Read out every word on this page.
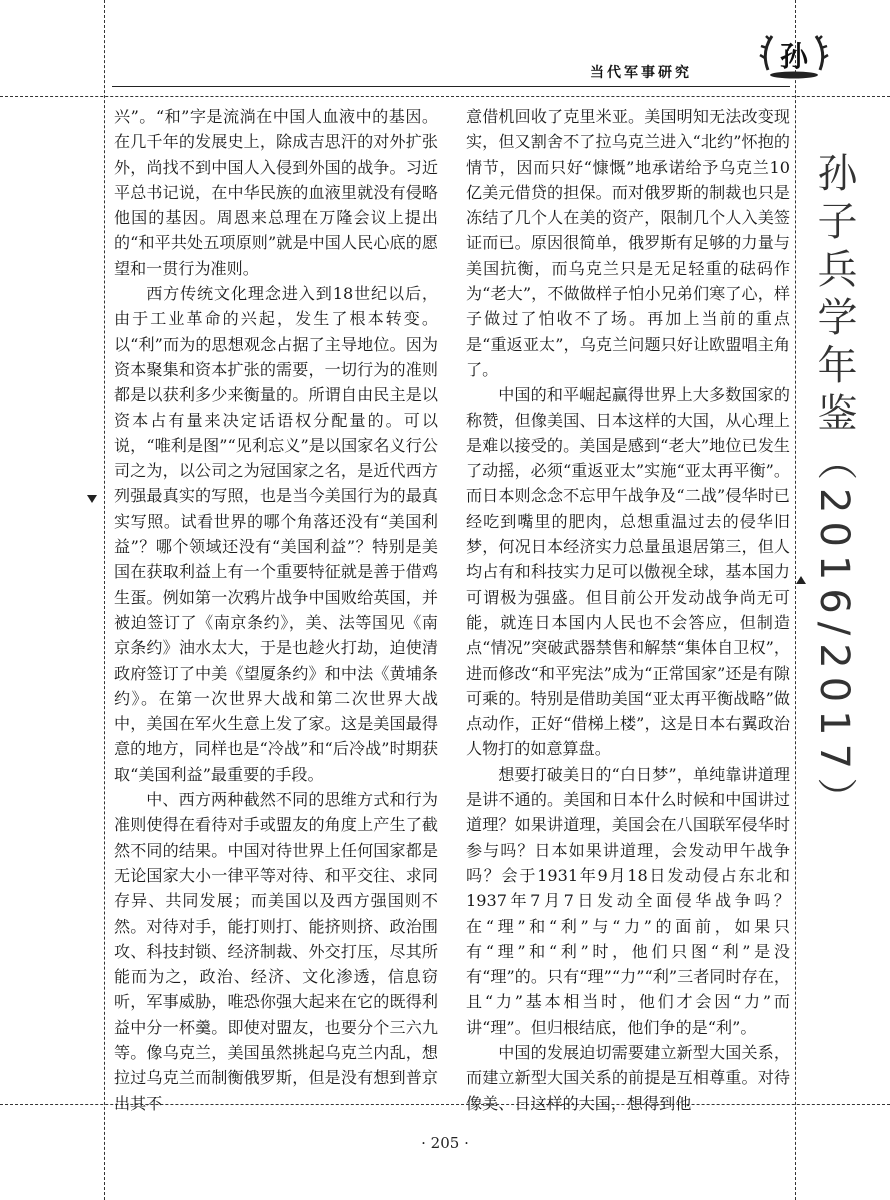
当代军事研究	孙

兴”。“和”字是流淌在中国人血液中的基因。在几千年的发展史上，除成吉思汗的对外扩张外，尚找不到中国人入侵到外国的战争。习近平总书记说，在中华民族的血液里就没有侵略他国的基因。周恩来总理在万隆会议上提出的“和平共处五项原则”就是中国人民心底的愿望和一贯行为准则。

西方传统文化理念进入到18世纪以后，由于工业革命的兴起，发生了根本转变。以“利”而为的思想观念占据了主导地位。因为资本聚集和资本扩张的需要，一切行为的准则都是以获利多少来衡量的。所谓自由民主是以资本占有量来决定话语权分配量的。可以说，“唯利是图”“见利忘义”是以国家名义行公司之为，以公司之为冠国家之名，是近代西方列强最真实的写照，也是当今美国行为的最真实写照。试看世界的哪个角落还没有“美国利益”？哪个领域还没有“美国利益”？特别是美国在获取利益上有一个重要特征就是善于借鸡生蛋。例如第一次鸦片战争中国败给英国，并被迫签订了《南京条约》，美、法等国见《南京条约》油水太大，于是也趁火打劫，迫使清政府签订了中美《望厦条约》和中法《黄埔条约》。在第一次世界大战和第二次世界大战中，美国在军火生意上发了家。这是美国最得意的地方，同样也是“冷战”和“后冷战”时期获取“美国利益”最重要的手段。

中、西方两种截然不同的思维方式和行为准则使得在看待对手或盟友的角度上产生了截然不同的结果。中国对待世界上任何国家都是无论国家大小一律平等对待、和平交往、求同存异、共同发展；而美国以及西方强国则不然。对待对手，能打则打、能挤则挤、政治围攻、科技封锁、经济制裁、外交打压，尽其所能而为之，政治、经济、文化渗透，信息窃听，军事威胁，唯恐你强大起来在它的既得利益中分一杯羹。即使对盟友，也要分个三六九等。像乌克兰，美国虽然挑起乌克兰内乱，想拉过乌克兰而制衡俄罗斯，但是没有想到普京出其不

意借机回收了克里米亚。美国明知无法改变现实，但又割舍不了拉乌克兰进入“北约”怀抱的情节，因而只好“慷慨”地承诺给予乌克兰10亿美元借贷的担保。而对俄罗斯的制裁也只是冻结了几个人在美的资产，限制几个人入美签证而已。原因很简单，俄罗斯有足够的力量与美国抗衡，而乌克兰只是无足轻重的砝码作为“老大”，不做做样子怕小兄弟们寒了心，样子做过了怕收不了场。再加上当前的重点是“重返亚太”，乌克兰问题只好让欧盟唱主角了。

中国的和平崛起赢得世界上大多数国家的称赞，但像美国、日本这样的大国，从心理上是难以接受的。美国是感到“老大”地位已发生了动摇，必须“重返亚太”实施“亚太再平衡”。而日本则念念不忘甲午战争及“二战”侵华时已经吃到嘴里的肥肉，总想重温过去的侵华旧梦，何况日本经济实力总量虽退居第三，但人均占有和科技实力足可以傲视全球，基本国力可谓极为强盛。但目前公开发动战争尚无可能，就连日本国内人民也不会答应，但制造点“情况”突破武器禁售和解禁“集体自卫权”，进而修改“和平宪法”成为“正常国家”还是有隙可乘的。特别是借助美国“亚太再平衡战略”做点动作，正好“借梯上楼”，这是日本右翼政治人物打的如意算盘。

想要打破美日的“白日梦”，单纯靠讲道理是讲不通的。美国和日本什么时候和中国讲过道理？如果讲道理，美国会在八国联军侵华时参与吗？日本如果讲道理，会发动甲午战争吗？会于1931年9月18日发动侵占东北和1937年7月7日发动全面侵华战争吗？在“理”和“利”与“力”的面前，如果只有“理”和“利”时，他们只图“利”是没有“理”的。只有“理”“力”“利”三者同时存在，且“力”基本相当时，他们才会因“力”而讲“理”。但归根结底，他们争的是“利”。

中国的发展迫切需要建立新型大国关系，而建立新型大国关系的前提是互相尊重。对待像美、日这样的大国，想得到他

孙子兵学年鉴（2016/2017）
· 205 ·
